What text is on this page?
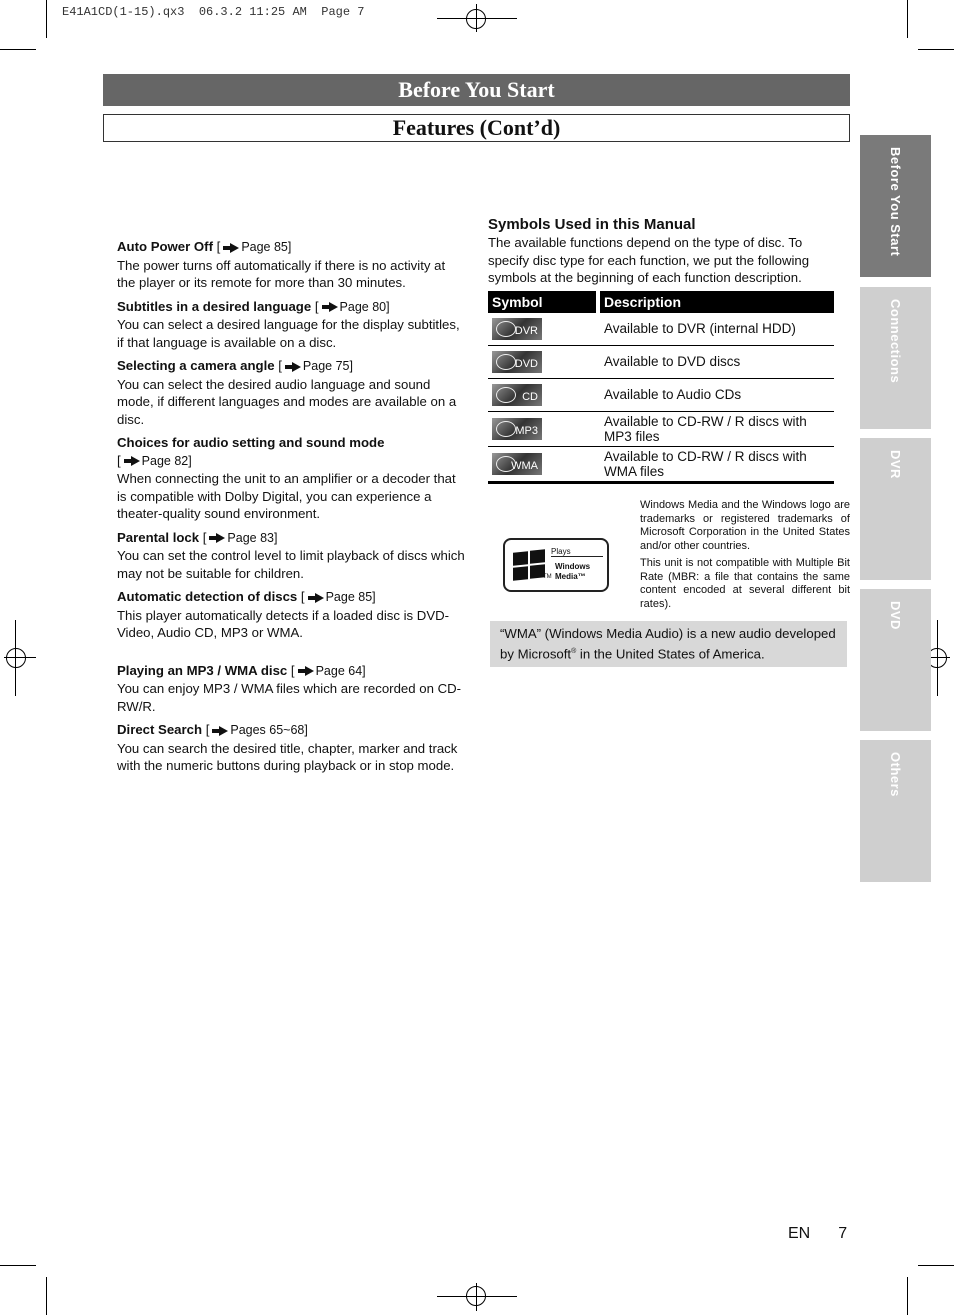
E41A1CD(1-15).qx3  06.3.2 11:25 AM  Page 7
Before You Start
Features (Cont’d)
Before You Start
Connections
DVR
DVD
Others
Auto Power Off [ Page 85]
The power turns off automatically if there is no activity at the player or its remote for more than 30 minutes.
Subtitles in a desired language [ Page 80]
You can select a desired language for the display subtitles, if that language is available on a disc.
Selecting a camera angle [ Page 75]
You can select the desired audio language and sound mode, if different languages and modes are available on a disc.
Choices for audio setting and sound mode
[ Page 82]
When connecting the unit to an amplifier or a decoder that is compatible with Dolby Digital, you can experience a theater-quality sound environment.
Parental lock [ Page 83]
You can set the control level to limit playback of discs which may not be suitable for children.
Automatic detection of discs [ Page 85]
This player automatically detects if a loaded disc is DVD-Video, Audio CD, MP3 or WMA.
Playing an MP3 / WMA disc [ Page 64]
You can enjoy MP3 / WMA files which are recorded on CD-RW/R.
Direct Search [ Pages 65~68]
You can search the desired title, chapter, marker and track with the numeric buttons during playback or in stop mode.
Symbols Used in this Manual
The available functions depend on the type of disc. To specify disc type for each function, we put the following symbols at the beginning of each function description.
Symbol		Description
DVR		Available to DVR (internal HDD)
DVD		Available to DVD discs
CD		Available to Audio CDs
MP3		Available to CD-RW / R discs with MP3 files
WMA		Available to CD-RW / R discs with WMA files
Plays
Windows
Media™
TM

Windows Media and the Windows logo are trademarks or registered trademarks of Microsoft Corporation in the United States and/or other countries.

This unit is not compatible with Multiple Bit Rate (MBR: a file that contains the same content encoded at several different bit rates).

“WMA” (Windows Media Audio) is a new audio developed by Microsoft® in the United States of America.
EN 7
